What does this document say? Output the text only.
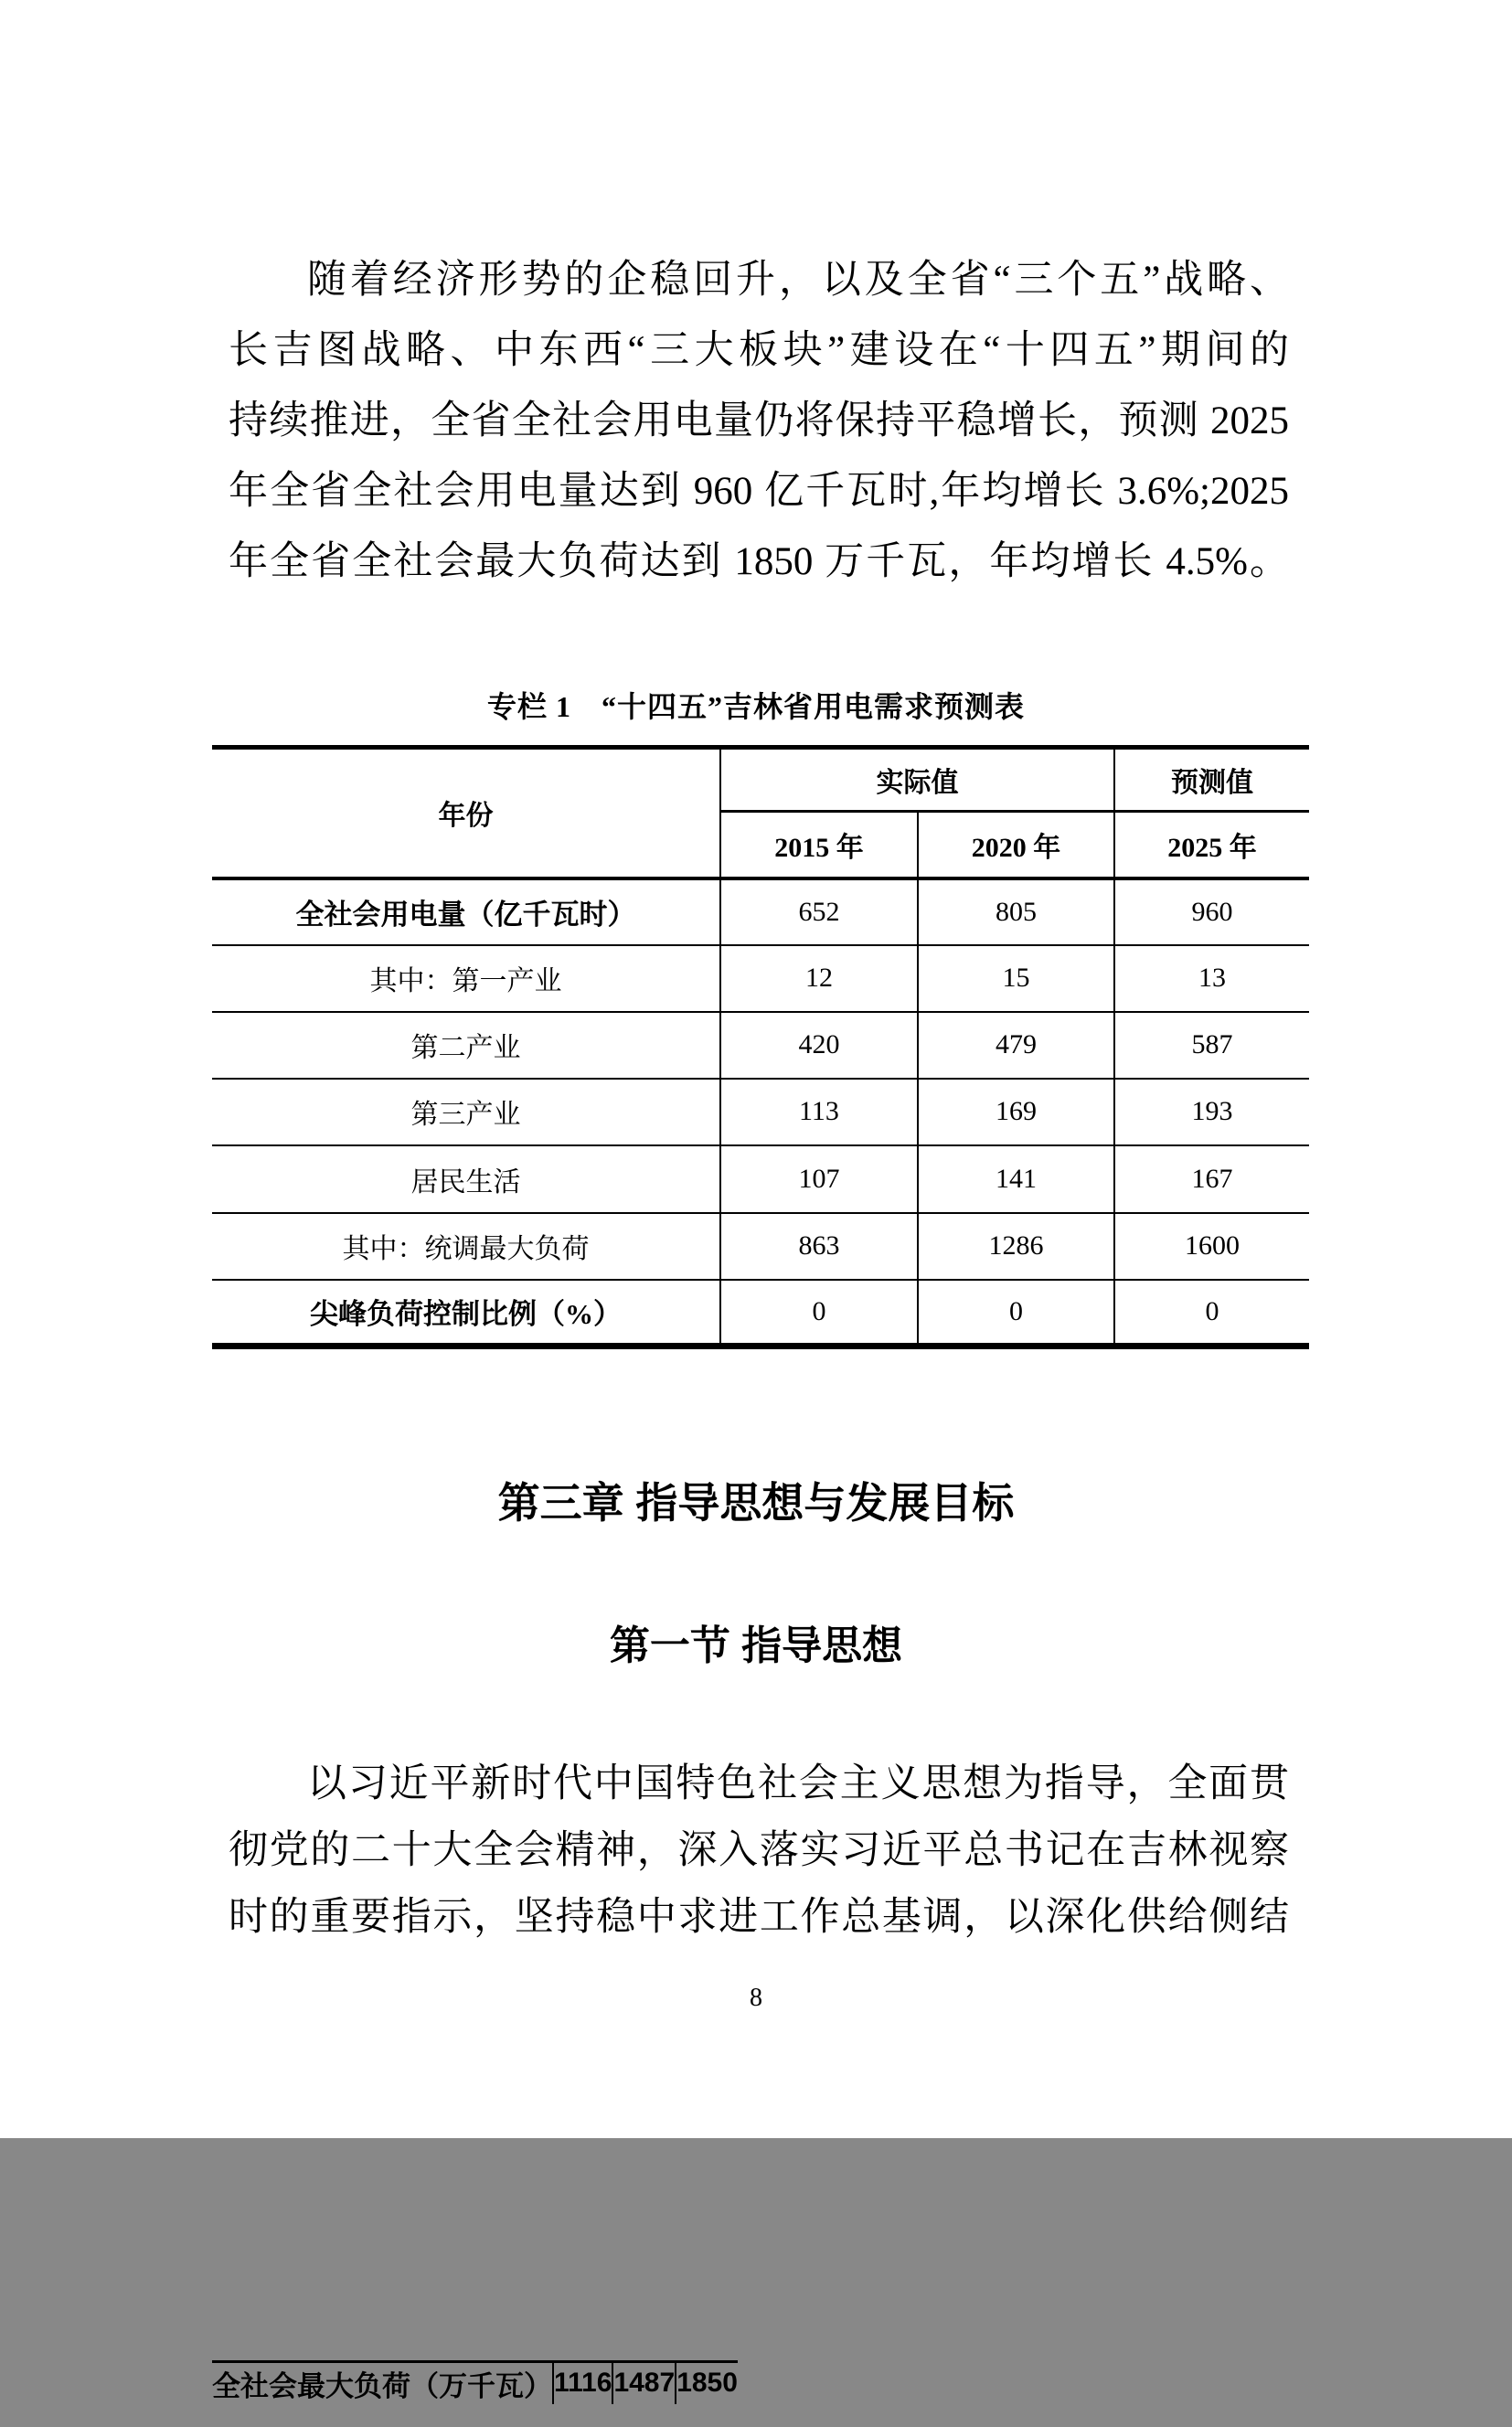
随着经济形势的企稳回升，以及全省“三个五”战略、
长吉图战略、中东西“三大板块”建设在“十四五”期间的
持续推进，全省全社会用电量仍将保持平稳增长，预测 2025
年全省全社会用电量达到 960 亿千瓦时,年均增长 3.6%;2025
年全省全社会最大负荷达到 1850 万千瓦，年均增长 4.5%。
专栏 1　“十四五”吉林省用电需求预测表
年份	实际值	预测值
2015 年	2020 年	2025 年
全社会用电量（亿千瓦时）	652	805	960
其中：第一产业	12	15	13
第二产业	420	479	587
第三产业	113	169	193
居民生活	107	141	167

全社会最大负荷（万千瓦）	1116	1487	1850
其中：统调最大负荷	863	1286	1600
尖峰负荷控制比例（%）	0	0	0
第三章 指导思想与发展目标
第一节 指导思想
以习近平新时代中国特色社会主义思想为指导，全面贯
彻党的二十大全会精神，深入落实习近平总书记在吉林视察
时的重要指示，坚持稳中求进工作总基调，以深化供给侧结
8
